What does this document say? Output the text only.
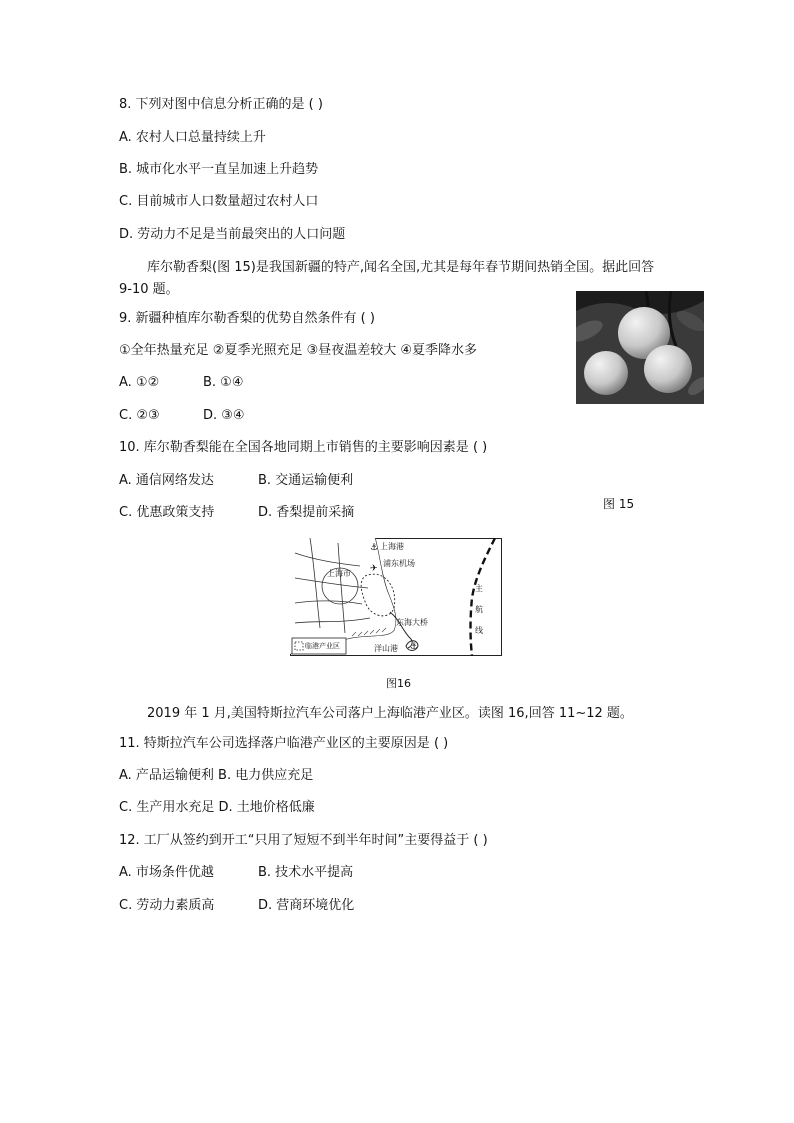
8. 下列对图中信息分析正确的是 ( )
A. 农村人口总量持续上升
B. 城市化水平一直呈加速上升趋势
C. 目前城市人口数量超过农村人口
D. 劳动力不足是当前最突出的人口问题
库尔勒香梨(图 15)是我国新疆的特产,闻名全国,尤其是每年春节期间热销全国。据此回答 9-10 题。
9. 新疆种植库尔勒香梨的优势自然条件有 ( )
①全年热量充足 ②夏季光照充足 ③昼夜温差较大 ④夏季降水多
A. ①②	B. ①④
C. ②③	D. ③④
10. 库尔勒香梨能在全国各地同期上市销售的主要影响因素是 ( )
A. 通信网络发达	B. 交通运输便利
C. 优惠政策支持	D. 香梨提前采摘
图 15
⚓
✈
⚓
上海港
浦东机场
上海市
东海大桥
洋山港
临港产业区
主
航
线
图16
2019 年 1 月,美国特斯拉汽车公司落户上海临港产业区。读图 16,回答 11~12 题。
11. 特斯拉汽车公司选择落户临港产业区的主要原因是 ( )
A. 产品运输便利 B. 电力供应充足
C. 生产用水充足 D. 土地价格低廉
12. 工厂从签约到开工“只用了短短不到半年时间”主要得益于 ( )
A. 市场条件优越	B. 技术水平提高
C. 劳动力素质高	D. 营商环境优化
